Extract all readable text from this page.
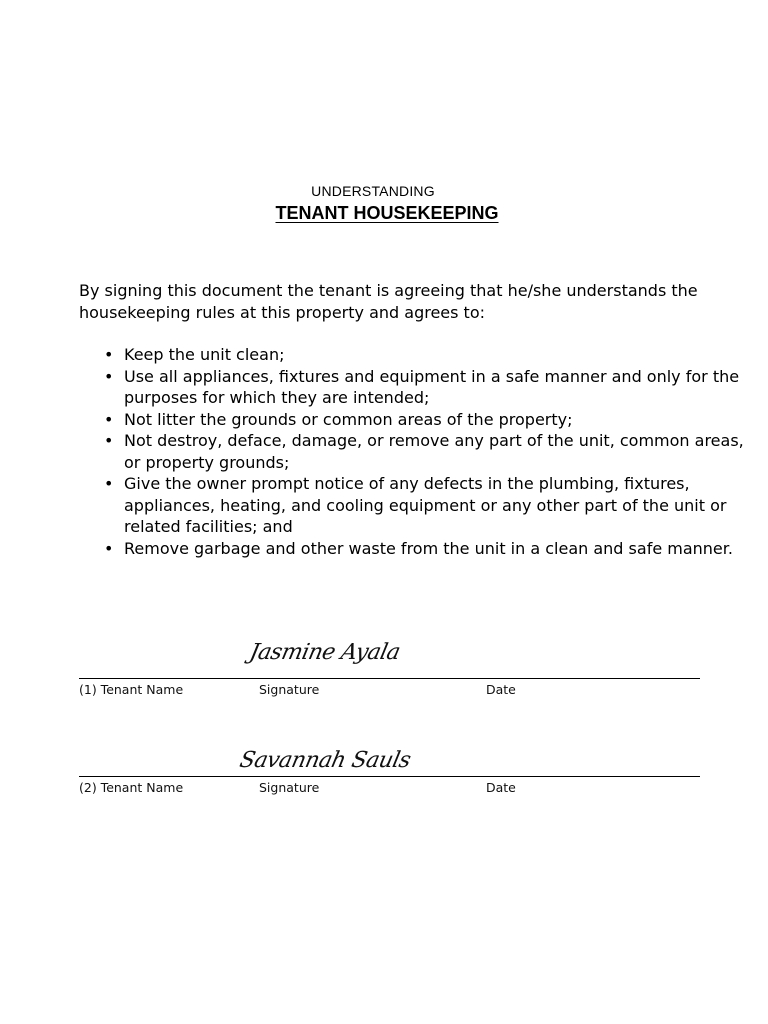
UNDERSTANDING
TENANT HOUSEKEEPING
By signing this document the tenant is agreeing that he/she understands the housekeeping rules at this property and agrees to:
• Keep the unit clean;
• Use all appliances, fixtures and equipment in a safe manner and only for the purposes for which they are intended;
• Not litter the grounds or common areas of the property;
• Not destroy, deface, damage, or remove any part of the unit, common areas, or property grounds;
• Give the owner prompt notice of any defects in the plumbing, fixtures, appliances, heating, and cooling equipment or any other part of the unit or related facilities; and
• Remove garbage and other waste from the unit in a clean and safe manner.
Jasmine Ayala
(1) Tenant Name	Signature	Date
Savannah Sauls
(2) Tenant Name	Signature	Date
